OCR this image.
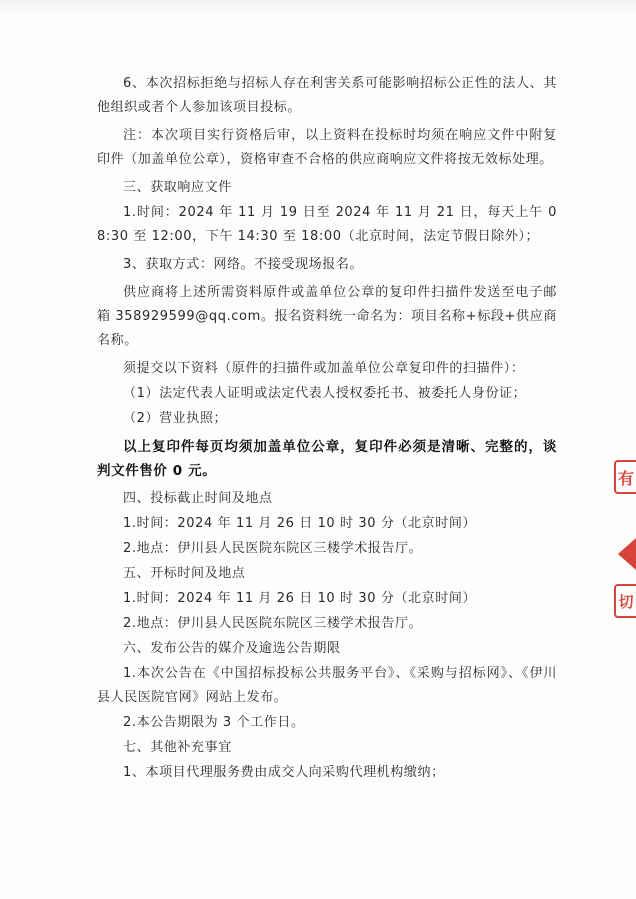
6、本次招标拒绝与招标人存在利害关系可能影响招标公正性的法人、其他组织或者个人参加该项目投标。

注：本次项目实行资格后审，以上资料在投标时均须在响应文件中附复印件（加盖单位公章），资格审查不合格的供应商响应文件将按无效标处理。

三、获取响应文件

1.时间：2024 年 11 月 19 日至 2024 年 11 月 21 日，每天上午 08:30 至 12:00，下午 14:30 至 18:00（北京时间，法定节假日除外）；

3、获取方式：网络。不接受现场报名。

供应商将上述所需资料原件或盖单位公章的复印件扫描件发送至电子邮箱 358929599@qq.com。报名资料统一命名为：项目名称+标段+供应商名称。

须提交以下资料（原件的扫描件或加盖单位公章复印件的扫描件）：

（1）法定代表人证明或法定代表人授权委托书、被委托人身份证；

（2）营业执照；

以上复印件每页均须加盖单位公章，复印件必须是清晰、完整的，谈判文件售价 0 元。

四、投标截止时间及地点

1.时间：2024 年 11 月 26 日 10 时 30 分（北京时间）

2.地点：伊川县人民医院东院区三楼学术报告厅。

五、开标时间及地点

1.时间：2024 年 11 月 26 日 10 时 30 分（北京时间）

2.地点：伊川县人民医院东院区三楼学术报告厅。

六、发布公告的媒介及逾选公告期限

1.本次公告在《中国招标投标公共服务平台》、《采购与招标网》、《伊川县人民医院官网》网站上发布。

2.本公告期限为 3 个工作日。

七、其他补充事宜

1、本项目代理服务费由成交人向采购代理机构缴纳；

有
切
